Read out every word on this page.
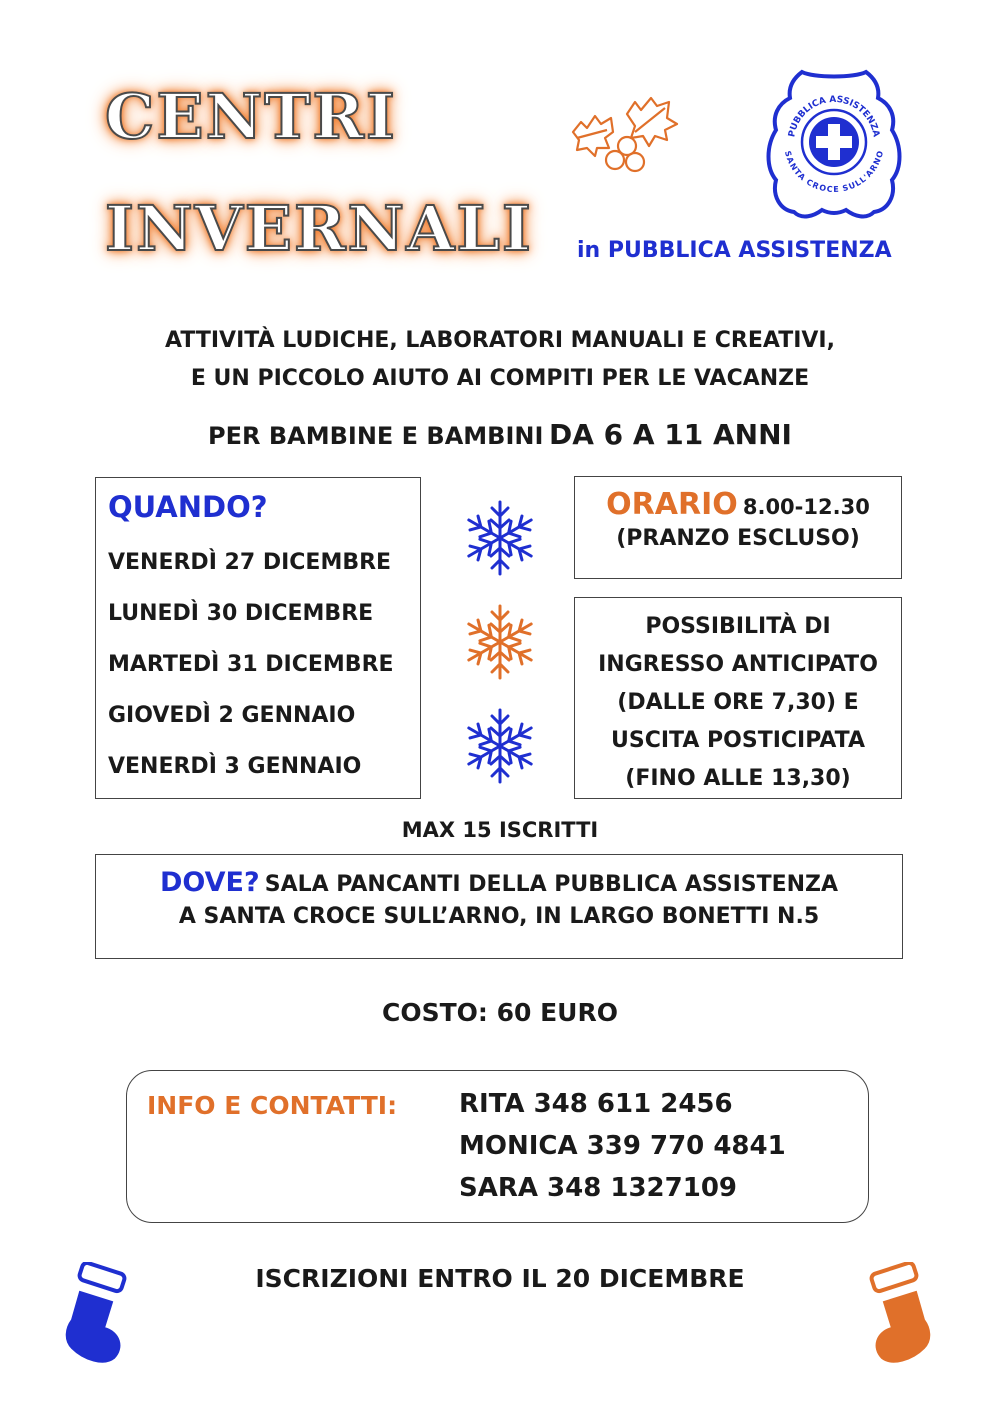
CENTRI
INVERNALI
PUBBLICA ASSISTENZA
SANTA CROCE SULL'ARNO
in PUBBLICA ASSISTENZA
ATTIVITÀ LUDICHE, LABORATORI MANUALI E CREATIVI,
E UN PICCOLO AIUTO AI COMPITI PER LE VACANZE
PER BAMBINE E BAMBINI DA 6 A 11 ANNI
QUANDO?
VENERDÌ 27 DICEMBRE
LUNEDÌ 30 DICEMBRE
MARTEDÌ 31 DICEMBRE
GIOVEDÌ 2 GENNAIO
VENERDÌ 3 GENNAIO
ORARIO 8.00-12.30
(PRANZO ESCLUSO)
POSSIBILITÀ DI
INGRESSO ANTICIPATO
(DALLE ORE 7,30) E
USCITA POSTICIPATA
(FINO ALLE 13,30)
MAX 15 ISCRITTI
DOVE? SALA PANCANTI DELLA PUBBLICA ASSISTENZA
A SANTA CROCE SULL’ARNO, IN LARGO BONETTI N.5
COSTO: 60 EURO
INFO E CONTATTI: RITA 348 611 2456
MONICA 339 770 4841
SARA 348 1327109
ISCRIZIONI ENTRO IL 20 DICEMBRE
